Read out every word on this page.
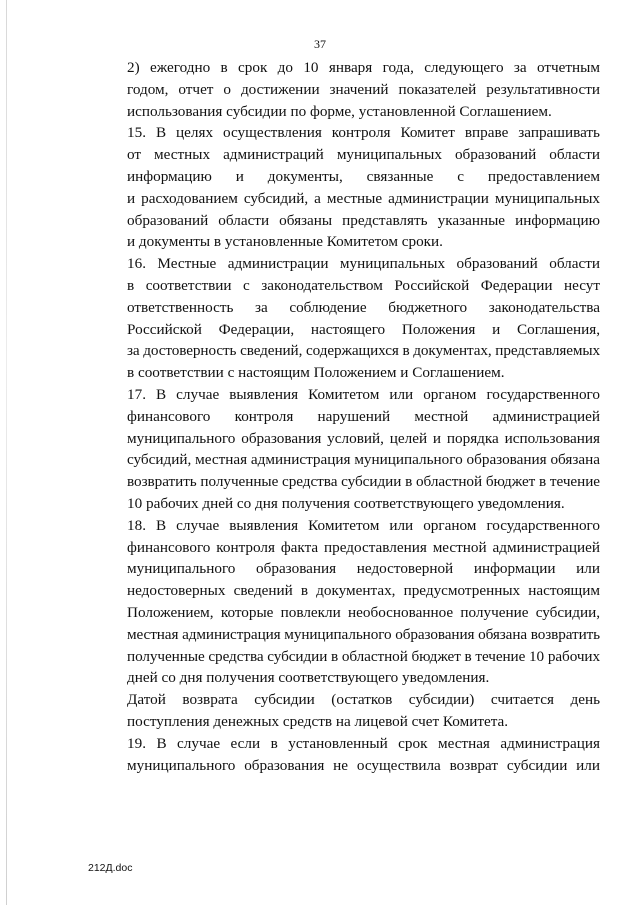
37
2) ежегодно в срок до 10 января года, следующего за отчетным
годом, отчет о достижении значений показателей результативности
использования субсидии по форме, установленной Соглашением.
15. В целях осуществления контроля Комитет вправе запрашивать
от местных администраций муниципальных образований области
информацию и документы, связанные с предоставлением
и расходованием субсидий, а местные администрации муниципальных
образований области обязаны представлять указанные информацию
и документы в установленные Комитетом сроки.
16. Местные администрации муниципальных образований области
в соответствии с законодательством Российской Федерации несут
ответственность за соблюдение бюджетного законодательства
Российской Федерации, настоящего Положения и Соглашения,
за достоверность сведений, содержащихся в документах, представляемых
в соответствии с настоящим Положением и Соглашением.
17. В случае выявления Комитетом или органом государственного
финансового контроля нарушений местной администрацией
муниципального образования условий, целей и порядка использования
субсидий, местная администрация муниципального образования обязана
возвратить полученные средства субсидии в областной бюджет в течение
10 рабочих дней со дня получения соответствующего уведомления.
18. В случае выявления Комитетом или органом государственного
финансового контроля факта предоставления местной администрацией
муниципального образования недостоверной информации или
недостоверных сведений в документах, предусмотренных настоящим
Положением, которые повлекли необоснованное получение субсидии,
местная администрация муниципального образования обязана возвратить
полученные средства субсидии в областной бюджет в течение 10 рабочих
дней со дня получения соответствующего уведомления.
Датой возврата субсидии (остатков субсидии) считается день
поступления денежных средств на лицевой счет Комитета.
19. В случае если в установленный срок местная администрация
муниципального образования не осуществила возврат субсидии или
212Д.doc
